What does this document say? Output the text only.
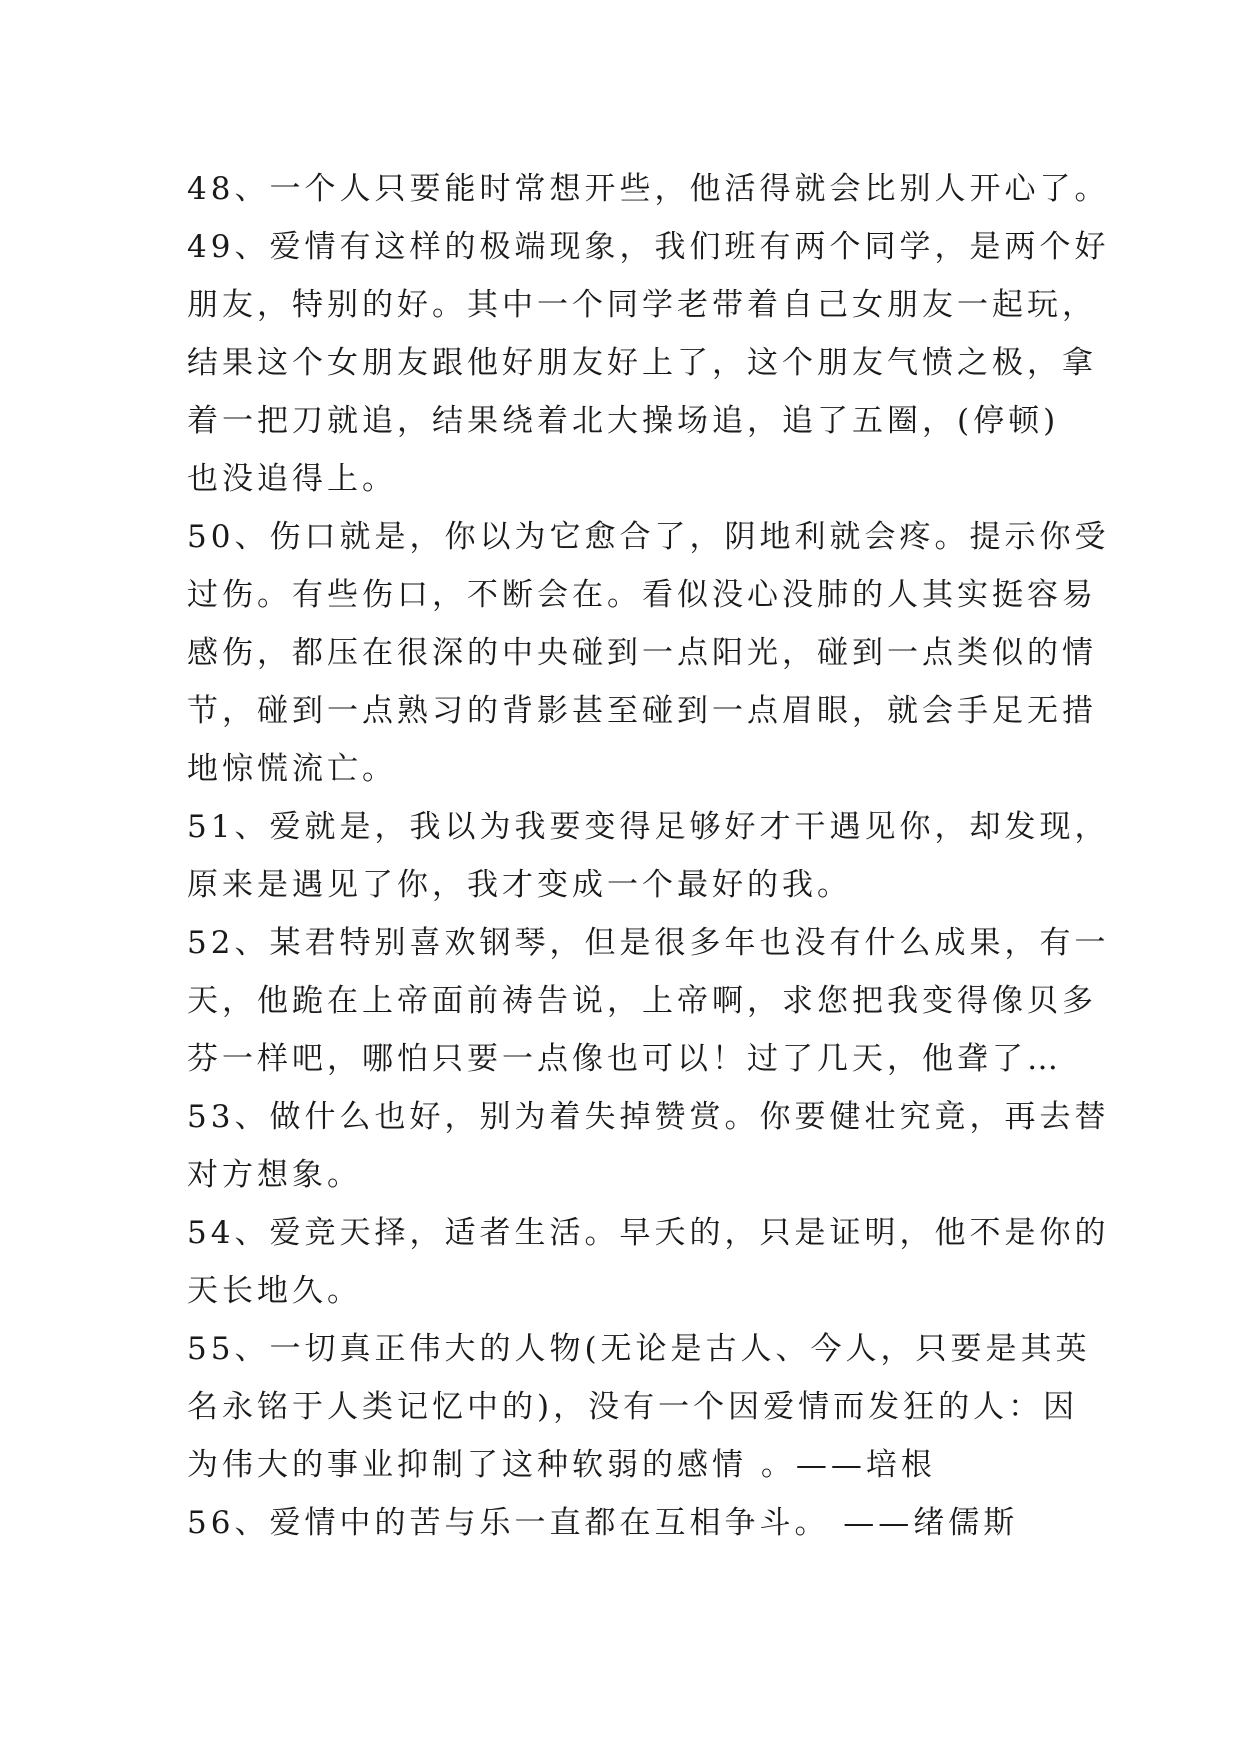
48、一个人只要能时常想开些，他活得就会比别人开心了。
49、爱情有这样的极端现象，我们班有两个同学，是两个好
朋友，特别的好。其中一个同学老带着自己女朋友一起玩，
结果这个女朋友跟他好朋友好上了，这个朋友气愤之极，拿
着一把刀就追，结果绕着北大操场追，追了五圈，(停顿)
也没追得上。
50、伤口就是，你以为它愈合了，阴地利就会疼。提示你受
过伤。有些伤口，不断会在。看似没心没肺的人其实挺容易
感伤，都压在很深的中央碰到一点阳光，碰到一点类似的情
节，碰到一点熟习的背影甚至碰到一点眉眼，就会手足无措
地惊慌流亡。
51、爱就是，我以为我要变得足够好才干遇见你，却发现，
原来是遇见了你，我才变成一个最好的我。
52、某君特别喜欢钢琴，但是很多年也没有什么成果，有一
天，他跪在上帝面前祷告说，上帝啊，求您把我变得像贝多
芬一样吧，哪怕只要一点像也可以！过了几天，他聋了…
53、做什么也好，别为着失掉赞赏。你要健壮究竟，再去替
对方想象。
54、爱竞天择，适者生活。早夭的，只是证明，他不是你的
天长地久。
55、一切真正伟大的人物(无论是古人、今人，只要是其英
名永铭于人类记忆中的)，没有一个因爱情而发狂的人：因
为伟大的事业抑制了这种软弱的感情 。——培根
56、爱情中的苦与乐一直都在互相争斗。 ——绪儒斯
